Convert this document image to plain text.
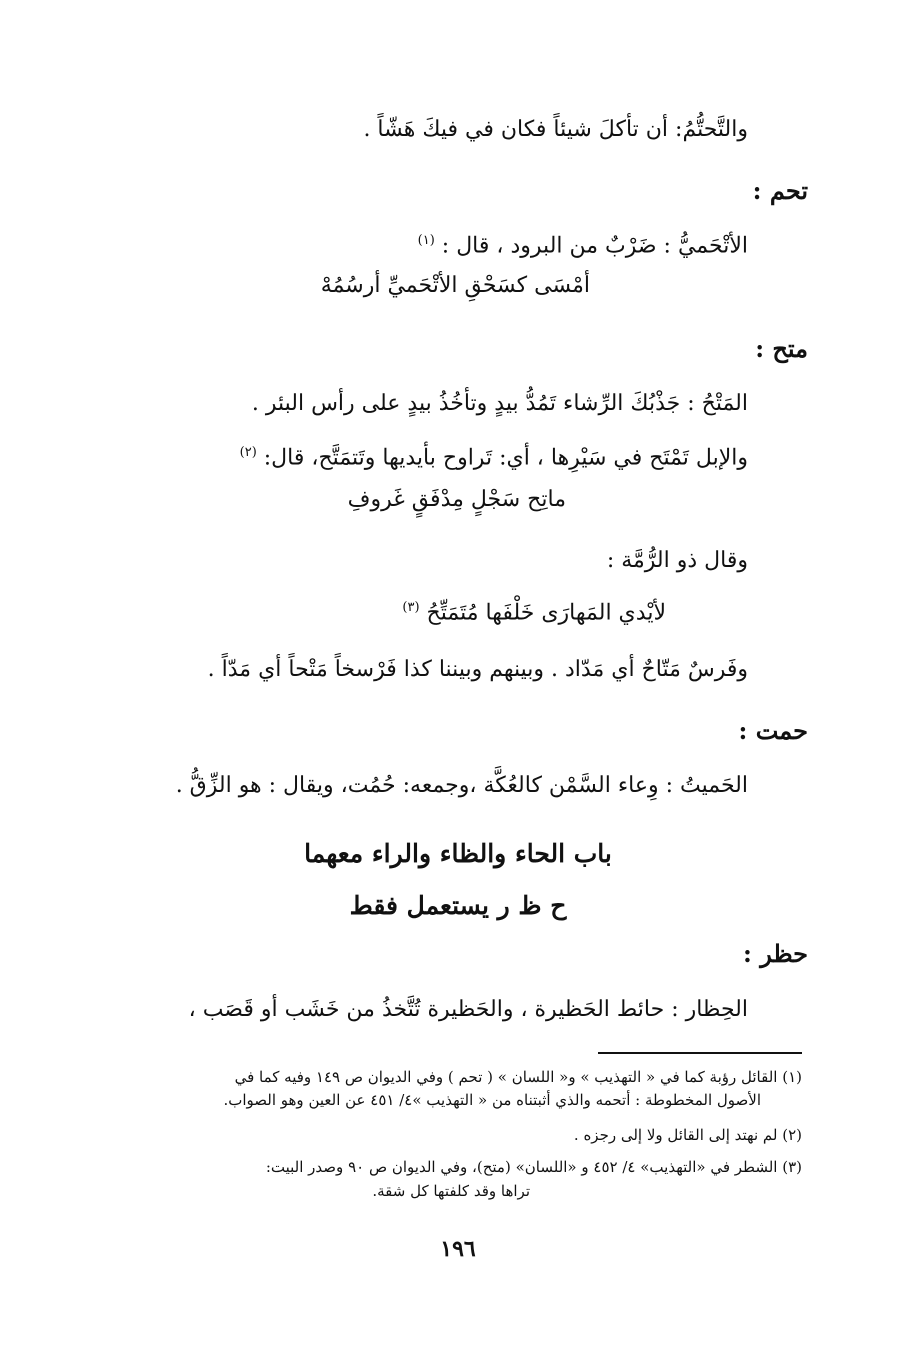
والتَّحتُّمُ: أن تأكلَ شيئاً فكان في فيكَ هَشّاً .
تحم :
الأتْحَميُّ : ضَرْبٌ من البرود ، قال : $^{(١)}$
أمْسَى كسَحْقِ الأتْحَميِّ أرسُمُهْ
متح :
المَتْحُ : جَذْبُكَ الرِّشاء تَمُدُّ بيدٍ وتأخُذُ بيدٍ على رأس البئر .
والإبل تَمْتَح في سَيْرِها ، أي: تَراوح بأيديها وتَتمَتَّح، قال: $^{(٢)}$
ماتِح سَجْلٍ مِدْفَقٍ غَروفِ
وقال ذو الرُّمَّة :
لأيْدي المَهارَى خَلْفَها مُتَمَتِّحُ $^{(٣)}$
وفَرسٌ مَتّاحٌ أي مَدّاد . وبينهم وبيننا كذا فَرْسخاً مَتْحاً أي مَدّاً .
حمت :
الحَميتُ : وِعاء السَّمْن كالعُكَّة ،وجمعه: حُمُت، ويقال : هو الزِّقُّ .
باب الحاء والظاء والراء معهما
ح ظ ر يستعمل فقط
حظر :
الحِظار : حائط الحَظيرة ، والحَظيرة تُتَّخذُ من خَشَب أو قَصَب ،
(١) القائل رؤبة كما في « التهذيب » و« اللسان » ( تحم ) وفي الديوان ص ١٤٩ وفيه كما في
الأصول المخطوطة : أتحمه والذي أثبتناه من « التهذيب »٤/ ٤٥١ عن العين وهو الصواب.
(٢) لم نهتد إلى القائل ولا إلى رجزه .
(٣) الشطر في «التهذيب» ٤/ ٤٥٢ و «اللسان» (متح)، وفي الديوان ص ٩٠ وصدر البيت:
تراها وقد كلفتها كل شقة.
١٩٦
